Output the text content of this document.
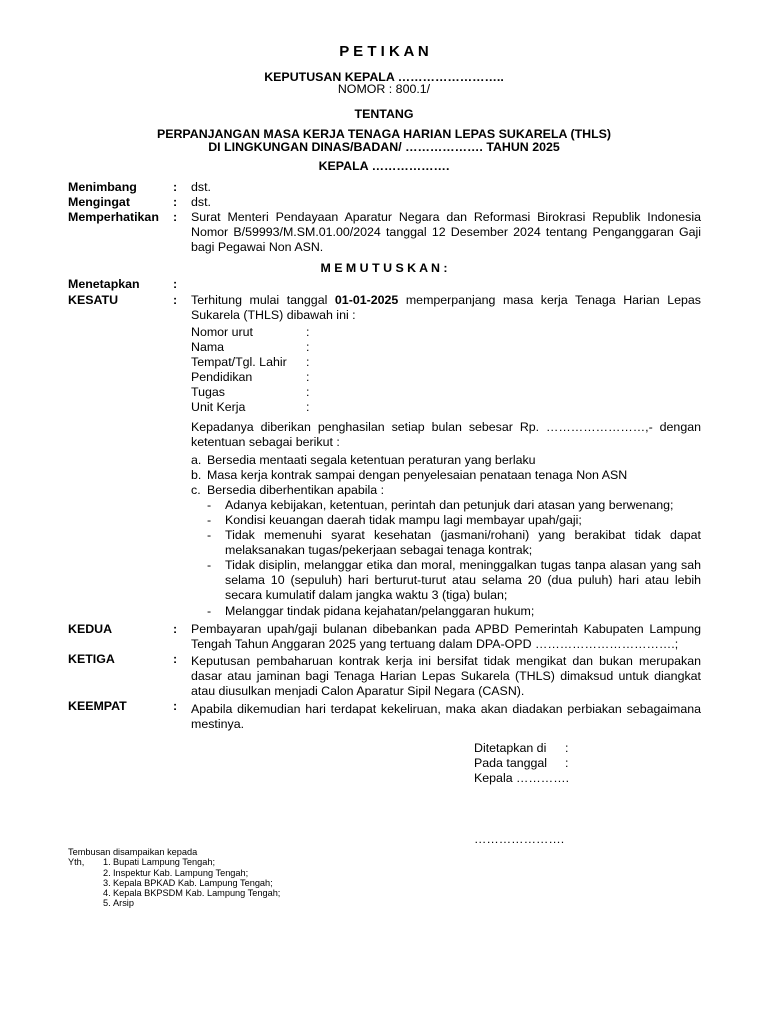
P E T I K A N
KEPUTUSAN KEPALA ……………………..
NOMOR : 800.1/
TENTANG
PERPANJANGAN MASA KERJA TENAGA HARIAN LEPAS SUKARELA (THLS)
DI LINGKUNGAN DINAS/BADAN/ ………………. TAHUN 2025
KEPALA ……………….
Menimbang	: dst.
Mengingat	: dst.
Memperhatikan : Surat Menteri Pendayaan Aparatur Negara dan Reformasi Birokrasi Republik Indonesia Nomor B/59993/M.SM.01.00/2024 tanggal 12 Desember 2024 tentang Penganggaran Gaji bagi Pegawai Non ASN.
M E M U T U S K A N :
Menetapkan	:
KESATU	: Terhitung mulai tanggal 01-01-2025 memperpanjang masa kerja Tenaga Harian Lepas Sukarela (THLS) dibawah ini :
Nomor urut	:
Nama	:
Tempat/Tgl. Lahir :
Pendidikan	:
Tugas	:
Unit Kerja	:
Kepadanya diberikan penghasilan setiap bulan sebesar Rp. ……………………,- dengan ketentuan sebagai berikut :
a. Bersedia mentaati segala ketentuan peraturan yang berlaku
b. Masa kerja kontrak sampai dengan penyelesaian penataan tenaga Non ASN
c. Bersedia diberhentikan apabila :
- Adanya kebijakan, ketentuan, perintah dan petunjuk dari atasan yang berwenang;
- Kondisi keuangan daerah tidak mampu lagi membayar upah/gaji;
- Tidak memenuhi syarat kesehatan (jasmani/rohani) yang berakibat tidak dapat melaksanakan tugas/pekerjaan sebagai tenaga kontrak;
- Tidak disiplin, melanggar etika dan moral, meninggalkan tugas tanpa alasan yang sah selama 10 (sepuluh) hari berturut-turut atau selama 20 (dua puluh) hari atau lebih secara kumulatif dalam jangka waktu 3 (tiga) bulan;
- Melanggar tindak pidana kejahatan/pelanggaran hukum;
KEDUA	: Pembayaran upah/gaji bulanan dibebankan pada APBD Pemerintah Kabupaten Lampung Tengah Tahun Anggaran 2025 yang tertuang dalam DPA-OPD …………………………….;
KETIGA	: Keputusan pembaharuan kontrak kerja ini bersifat tidak mengikat dan bukan merupakan dasar atau jaminan bagi Tenaga Harian Lepas Sukarela (THLS) dimaksud untuk diangkat atau diusulkan menjadi Calon Aparatur Sipil Negara (CASN).
KEEMPAT	: Apabila dikemudian hari terdapat kekeliruan, maka akan diadakan perbiakan sebagaimana mestinya.
Ditetapkan di :
Pada tanggal :
Kepala ………….
………………….
Tembusan disampaikan kepada
Yth, 1. Bupati Lampung Tengah;
2. Inspektur Kab. Lampung Tengah;
3. Kepala BPKAD Kab. Lampung Tengah;
4. Kepala BKPSDM Kab. Lampung Tengah;
5. Arsip
